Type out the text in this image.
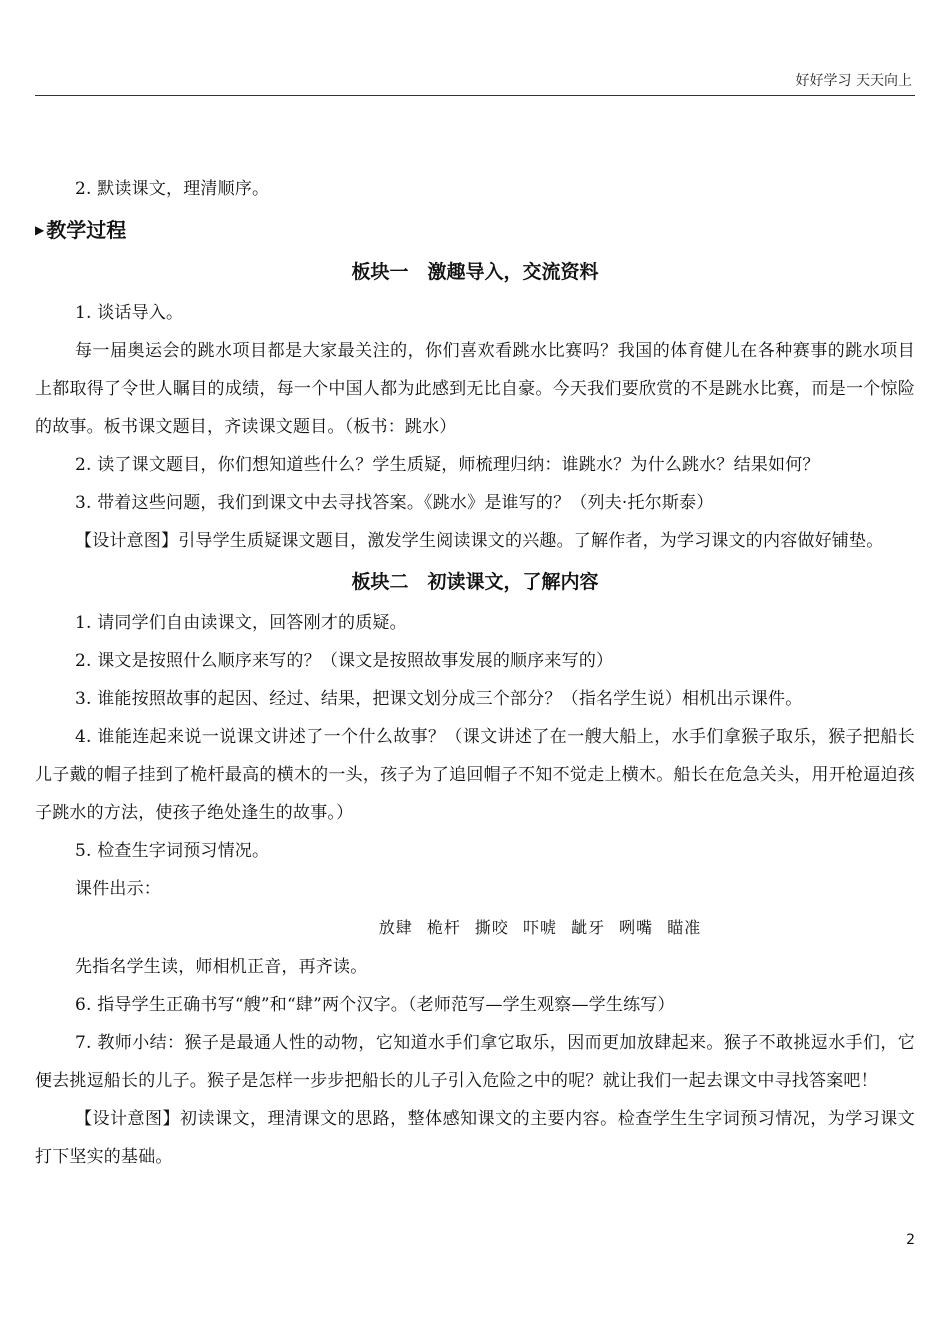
好好学习 天天向上

2. 默读课文，理清顺序。

▶ 教学过程

板块一　激趣导入，交流资料

1. 谈话导入。

每一届奥运会的跳水项目都是大家最关注的，你们喜欢看跳水比赛吗？我国的体育健儿在各种赛事的跳水项目上都取得了令世人瞩目的成绩，每一个中国人都为此感到无比自豪。今天我们要欣赏的不是跳水比赛，而是一个惊险的故事。板书课文题目，齐读课文题目。（板书：跳水）

2. 读了课文题目，你们想知道些什么？学生质疑，师梳理归纳：谁跳水？为什么跳水？结果如何？

3. 带着这些问题，我们到课文中去寻找答案。《跳水》是谁写的？（列夫·托尔斯泰）

【设计意图】引导学生质疑课文题目，激发学生阅读课文的兴趣。了解作者，为学习课文的内容做好铺垫。

板块二　初读课文，了解内容

1. 请同学们自由读课文，回答刚才的质疑。

2. 课文是按照什么顺序来写的？（课文是按照故事发展的顺序来写的）

3. 谁能按照故事的起因、经过、结果，把课文划分成三个部分？（指名学生说）相机出示课件。

4. 谁能连起来说一说课文讲述了一个什么故事？（课文讲述了在一艘大船上，水手们拿猴子取乐，猴子把船长儿子戴的帽子挂到了桅杆最高的横木的一头，孩子为了追回帽子不知不觉走上横木。船长在危急关头，用开枪逼迫孩子跳水的方法，使孩子绝处逢生的故事。）

5. 检查生字词预习情况。

课件出示：

放肆 桅杆 撕咬 吓唬 龇牙 咧嘴 瞄准

先指名学生读，师相机正音，再齐读。

6. 指导学生正确书写“艘”和“肆”两个汉字。（老师范写—学生观察—学生练写）

7. 教师小结：猴子是最通人性的动物，它知道水手们拿它取乐，因而更加放肆起来。猴子不敢挑逗水手们，它便去挑逗船长的儿子。猴子是怎样一步步把船长的儿子引入危险之中的呢？就让我们一起去课文中寻找答案吧！

【设计意图】初读课文，理清课文的思路，整体感知课文的主要内容。检查学生生字词预习情况，为学习课文打下坚实的基础。

2
